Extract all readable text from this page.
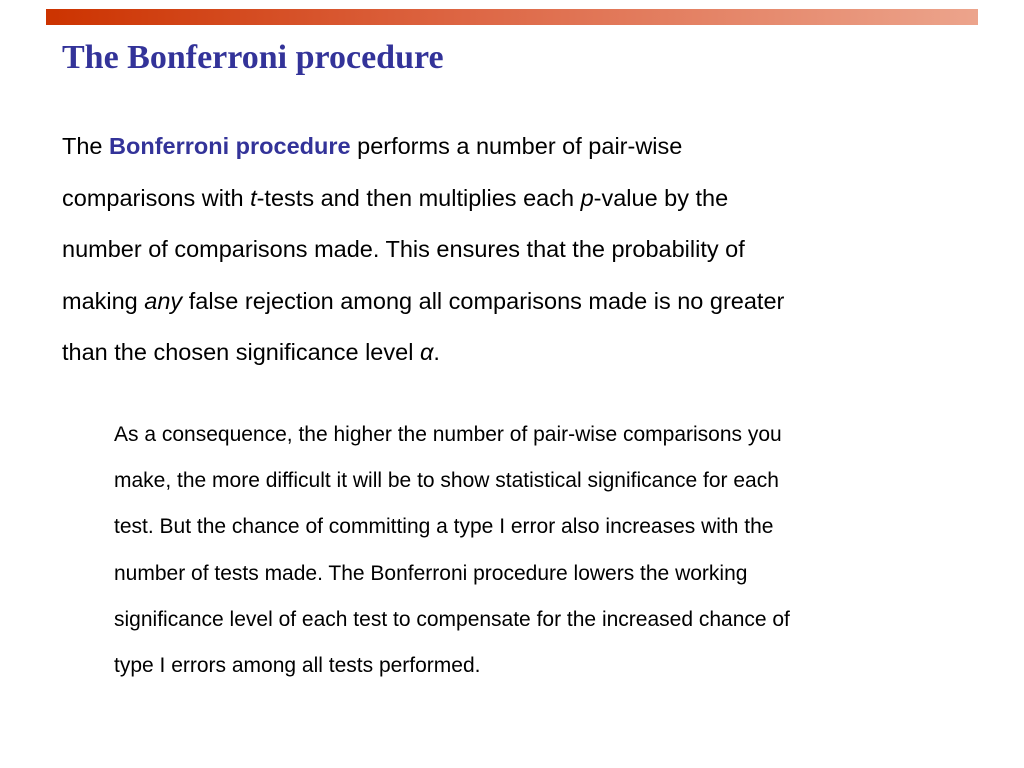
The Bonferroni procedure

The Bonferroni procedure performs a number of pair-wise
comparisons with t-tests and then multiplies each p-value by the
number of comparisons made. This ensures that the probability of
making any false rejection among all comparisons made is no greater
than the chosen significance level α.

As a consequence, the higher the number of pair-wise comparisons you
make, the more difficult it will be to show statistical significance for each
test. But the chance of committing a type I error also increases with the
number of tests made. The Bonferroni procedure lowers the working
significance level of each test to compensate for the increased chance of
type I errors among all tests performed.
